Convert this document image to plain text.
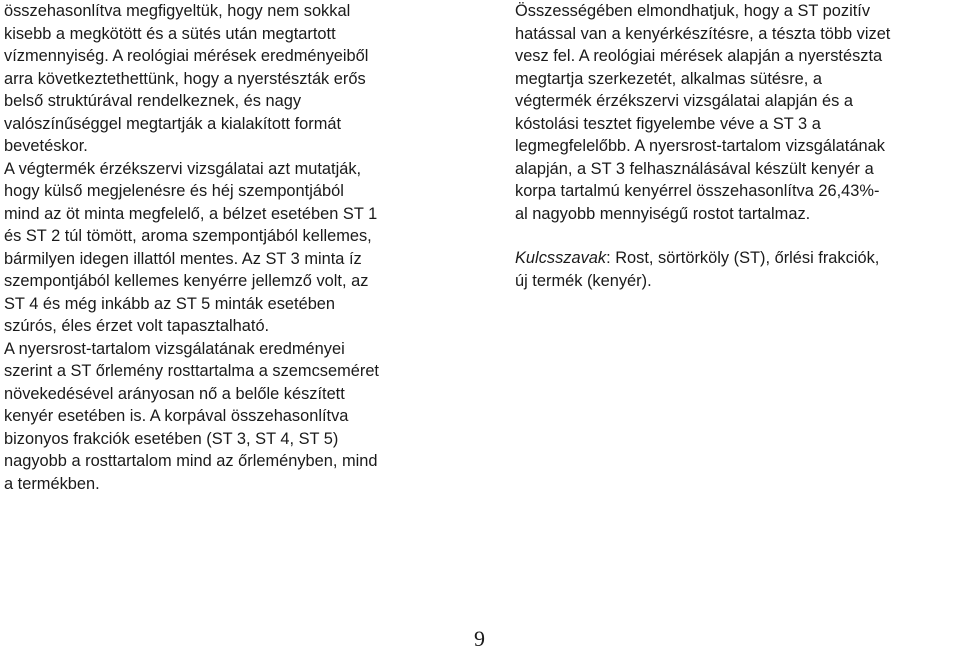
összehasonlítva megfigyeltük, hogy nem sokkal
kisebb a megkötött és a sütés után megtartott
vízmennyiség. A reológiai mérések eredményeiből
arra következtethettünk, hogy a nyerstészták erős
belső struktúrával rendelkeznek, és nagy
valószínűséggel megtartják a kialakított formát
bevetéskor.
A végtermék érzékszervi vizsgálatai azt mutatják,
hogy külső megjelenésre és héj szempontjából
mind az öt minta megfelelő, a bélzet esetében ST 1
és ST 2 túl tömött, aroma szempontjából kellemes,
bármilyen idegen illattól mentes. Az ST 3 minta íz
szempontjából kellemes kenyérre jellemző volt, az
ST 4 és még inkább az ST 5 minták esetében
szúrós, éles érzet volt tapasztalható.
A nyersrost-tartalom vizsgálatának eredményei
szerint a ST őrlemény rosttartalma a szemcseméret
növekedésével arányosan nő a belőle készített
kenyér esetében is. A korpával összehasonlítva
bizonyos frakciók esetében (ST 3, ST 4, ST 5)
nagyobb a rosttartalom mind az őrleményben, mind
a termékben.
Összességében elmondhatjuk, hogy a ST pozitív
hatással van a kenyérkészítésre, a tészta több vizet
vesz fel. A reológiai mérések alapján a nyerstészta
megtartja szerkezetét, alkalmas sütésre, a
végtermék érzékszervi vizsgálatai alapján és a
kóstolási tesztet figyelembe véve a ST 3 a
legmegfelelőbb. A nyersrost-tartalom vizsgálatának
alapján, a ST 3 felhasználásával készült kenyér a
korpa tartalmú kenyérrel összehasonlítva 26,43%-
al nagyobb mennyiségű rostot tartalmaz.
Kulcsszavak: Rost, sörtörköly (ST), őrlési frakciók,
új termék (kenyér).
9
